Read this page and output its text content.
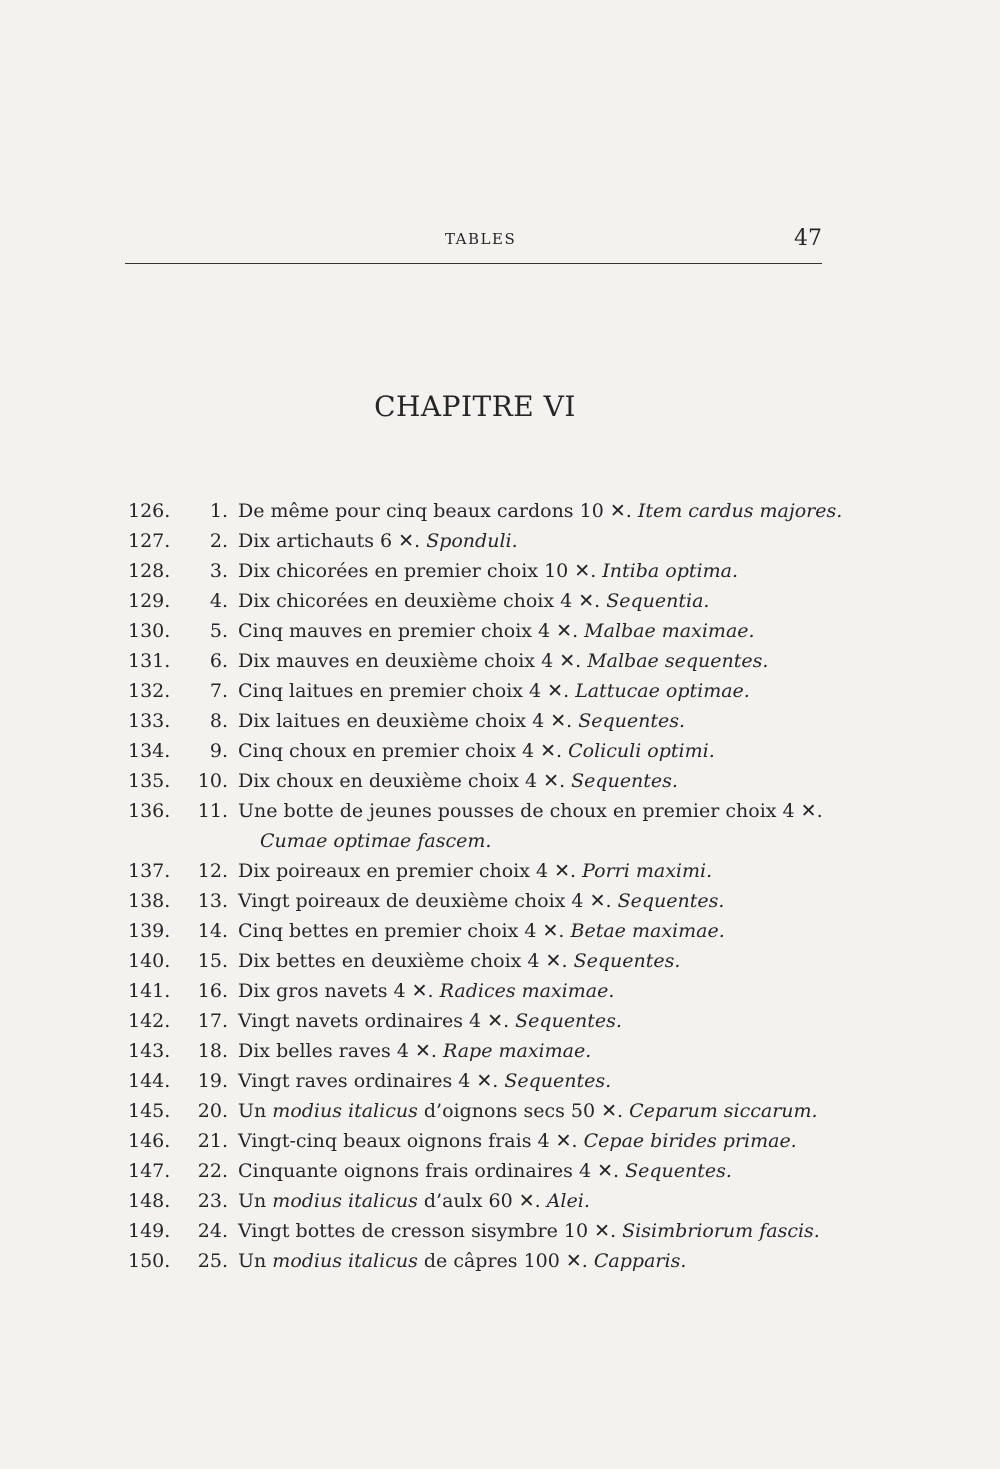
TABLES	47
CHAPITRE VI
126.	1. De même pour cinq beaux cardons 10 ✕. Item cardus majores.
127.	2. Dix artichauts 6 ✕. Sponduli.
128.	3. Dix chicorées en premier choix 10 ✕. Intiba optima.
129.	4. Dix chicorées en deuxième choix 4 ✕. Sequentia.
130.	5. Cinq mauves en premier choix 4 ✕. Malbae maximae.
131.	6. Dix mauves en deuxième choix 4 ✕. Malbae sequentes.
132.	7. Cinq laitues en premier choix 4 ✕. Lattucae optimae.
133.	8. Dix laitues en deuxième choix 4 ✕. Sequentes.
134.	9. Cinq choux en premier choix 4 ✕. Coliculi optimi.
135.	10. Dix choux en deuxième choix 4 ✕. Sequentes.
136.	11. Une botte de jeunes pousses de choux en premier choix 4 ✕.
Cumae optimae fascem.
137.	12. Dix poireaux en premier choix 4 ✕. Porri maximi.
138.	13. Vingt poireaux de deuxième choix 4 ✕. Sequentes.
139.	14. Cinq bettes en premier choix 4 ✕. Betae maximae.
140.	15. Dix bettes en deuxième choix 4 ✕. Sequentes.
141.	16. Dix gros navets 4 ✕. Radices maximae.
142.	17. Vingt navets ordinaires 4 ✕. Sequentes.
143.	18. Dix belles raves 4 ✕. Rape maximae.
144.	19. Vingt raves ordinaires 4 ✕. Sequentes.
145.	20. Un modius italicus d’oignons secs 50 ✕. Ceparum siccarum.
146.	21. Vingt-cinq beaux oignons frais 4 ✕. Cepae birides primae.
147.	22. Cinquante oignons frais ordinaires 4 ✕. Sequentes.
148.	23. Un modius italicus d’aulx 60 ✕. Alei.
149.	24. Vingt bottes de cresson sisymbre 10 ✕. Sisimbriorum fascis.
150.	25. Un modius italicus de câpres 100 ✕. Capparis.
